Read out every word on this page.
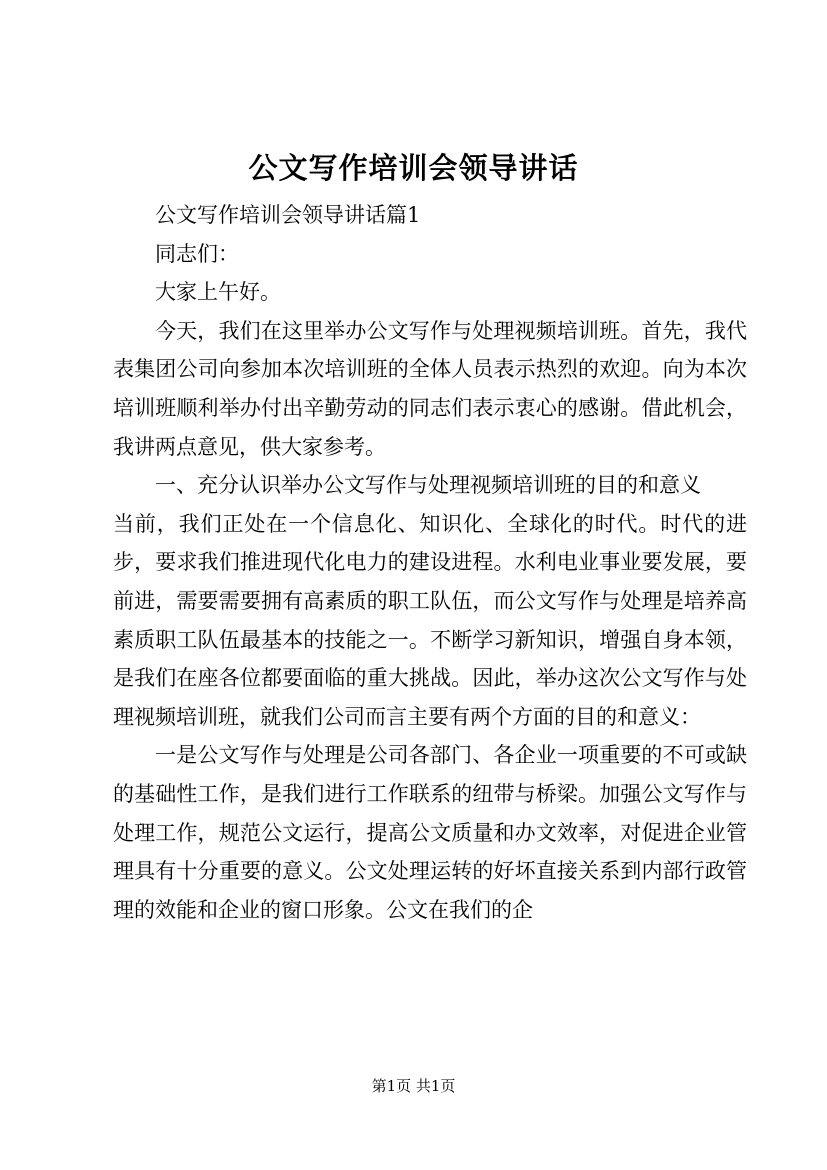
公文写作培训会领导讲话

公文写作培训会领导讲话篇1

同志们：

大家上午好。

今天，我们在这里举办公文写作与处理视频培训班。首先，我代表集团公司向参加本次培训班的全体人员表示热烈的欢迎。向为本次培训班顺利举办付出辛勤劳动的同志们表示衷心的感谢。借此机会，我讲两点意见，供大家参考。

一、充分认识举办公文写作与处理视频培训班的目的和意义

当前，我们正处在一个信息化、知识化、全球化的时代。时代的进步，要求我们推进现代化电力的建设进程。水利电业事业要发展，要前进，需要需要拥有高素质的职工队伍，而公文写作与处理是培养高素质职工队伍最基本的技能之一。不断学习新知识，增强自身本领，是我们在座各位都要面临的重大挑战。因此，举办这次公文写作与处理视频培训班，就我们公司而言主要有两个方面的目的和意义：

一是公文写作与处理是公司各部门、各企业一项重要的不可或缺的基础性工作，是我们进行工作联系的纽带与桥梁。加强公文写作与处理工作，规范公文运行，提高公文质量和办文效率，对促进企业管理具有十分重要的意义。公文处理运转的好坏直接关系到内部行政管理的效能和企业的窗口形象。公文在我们的企

第1页 共1页
